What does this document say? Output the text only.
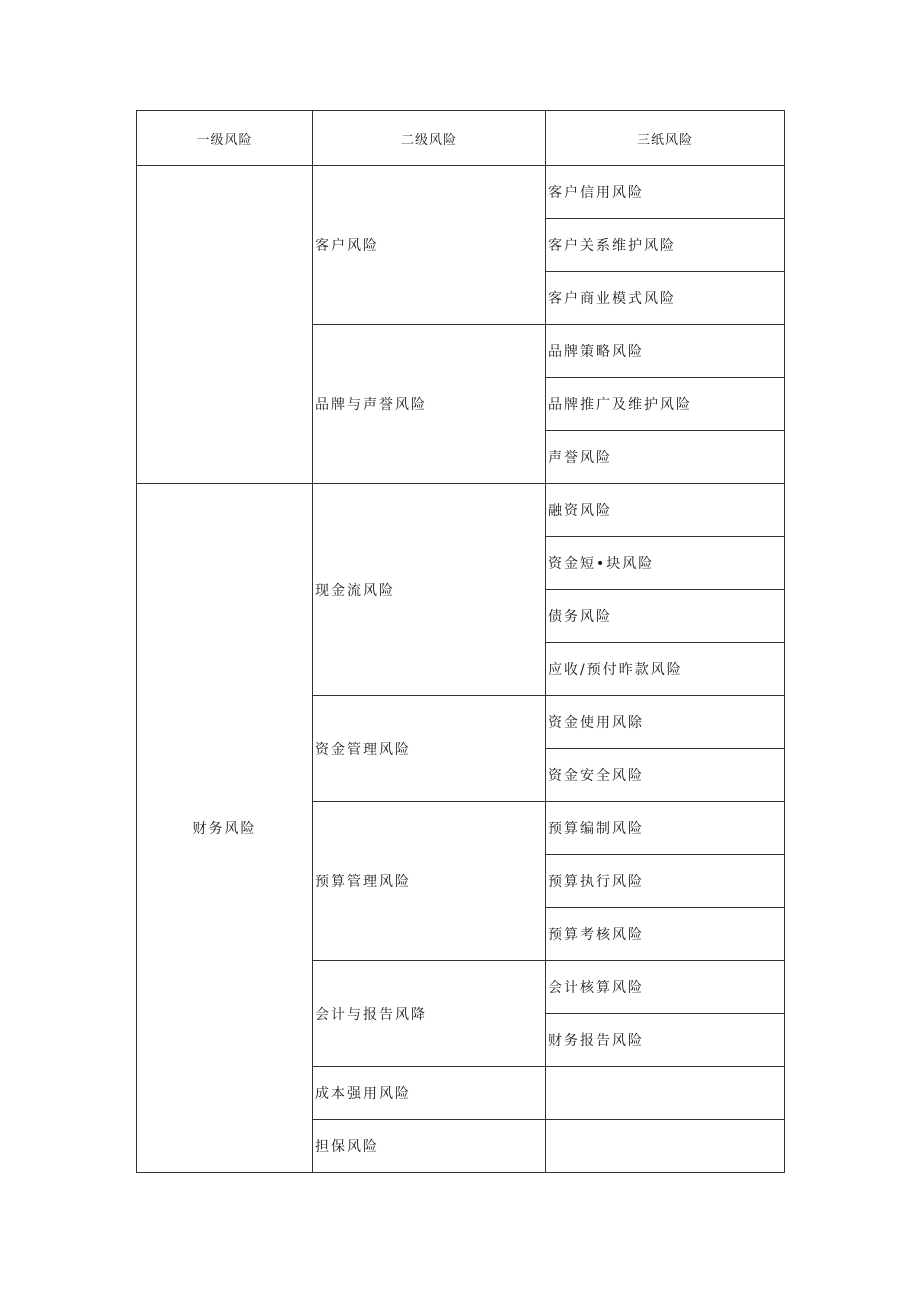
一级风险	二级风险	三纸风险
	客户风险	客户信用风险
		客户关系维护风险
		客户商业模式风险
	品牌与声誉风险	品牌策略风险
		品牌推广及维护风险
		声誉风险
财务风险	现金流风险	融资风险
		资金短•块风险
		债务风险
		应收/预付昨款风险
	资金管理风险	资金使用风除
		资金安全风险
	预算管理风险	预算编制风险
		预算执行风险
		预算考核风险
	会计与报告风降	会计核算风险
		财务报告风险
	成本强用风险	
	担保风险	
